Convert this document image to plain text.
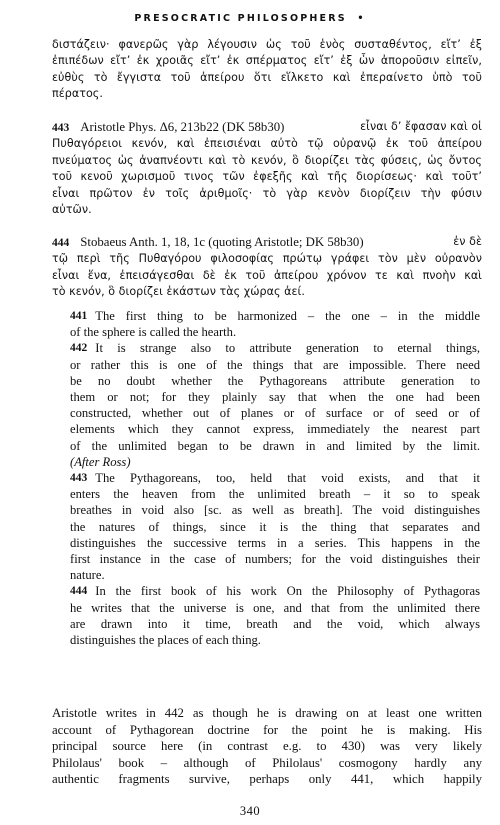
PRESOCRATIC PHILOSOPHERS •
διστάζειν· φανερῶς γὰρ λέγουσιν ὡς τοῦ ἑνὸς συσταθέντος, εἴτ’ ἐξ
ἐπιπέδων εἴτ’ ἐκ χροιᾶς εἴτ’ ἐκ σπέρματος εἴτ’ ἐξ ὧν ἀποροῦσιν εἰπεῖν,
εὐθὺς τὸ ἔγγιστα τοῦ ἀπείρου ὅτι εἵλκετο καὶ ἐπεραίνετο ὑπὸ τοῦ
πέρατος.
443 Aristotle Phys. Δ6, 213b22 (DK 58b30)	εἶναι δ’ ἔφασαν καὶ οἱ
Πυθαγόρειοι κενόν, καὶ ἐπεισιέναι αὐτὸ τῷ οὐρανῷ ἐκ τοῦ ἀπείρου
πνεύματος ὡς ἀναπνέοντι καὶ τὸ κενόν, ὃ διορίζει τὰς φύσεις, ὡς ὄντος
τοῦ κενοῦ χωρισμοῦ τινος τῶν ἐφεξῆς καὶ τῆς διορίσεως· καὶ τοῦτ’
εἶναι πρῶτον ἐν τοῖς ἀριθμοῖς· τὸ γὰρ κενὸν διορίζειν τὴν φύσιν
αὐτῶν.
444 Stobaeus Anth. 1, 18, 1c (quoting Aristotle; DK 58b30)	ἐν δὲ
τῷ περὶ τῆς Πυθαγόρου φιλοσοφίας πρώτῳ γράφει τὸν μὲν οὐρανὸν
εἶναι ἕνα, ἐπεισάγεσθαι δὲ ἐκ τοῦ ἀπείρου χρόνον τε καὶ πνοὴν καὶ
τὸ κενόν, ὃ διορίζει ἑκάστων τὰς χώρας ἀεί.

441 The first thing to be harmonized – the one – in the middle
of the sphere is called the hearth.

442 It is strange also to attribute generation to eternal things,
or rather this is one of the things that are impossible. There need
be no doubt whether the Pythagoreans attribute generation to
them or not; for they plainly say that when the one had been
constructed, whether out of planes or of surface or of seed or of
elements which they cannot express, immediately the nearest part
of the unlimited began to be drawn in and limited by the limit.
(After Ross)

443 The Pythagoreans, too, held that void exists, and that it
enters the heaven from the unlimited breath – it so to speak
breathes in void also [sc. as well as breath]. The void distinguishes
the natures of things, since it is the thing that separates and
distinguishes the successive terms in a series. This happens in the
first instance in the case of numbers; for the void distinguishes their
nature.

444 In the first book of his work On the Philosophy of Pythagoras
he writes that the universe is one, and that from the unlimited there
are drawn into it time, breath and the void, which always
distinguishes the places of each thing.

Aristotle writes in 442 as though he is drawing on at least one written
account of Pythagorean doctrine for the point he is making. His
principal source here (in contrast e.g. to 430) was very likely
Philolaus' book – although of Philolaus' cosmogony hardly any
authentic fragments survive, perhaps only 441, which happily
340
